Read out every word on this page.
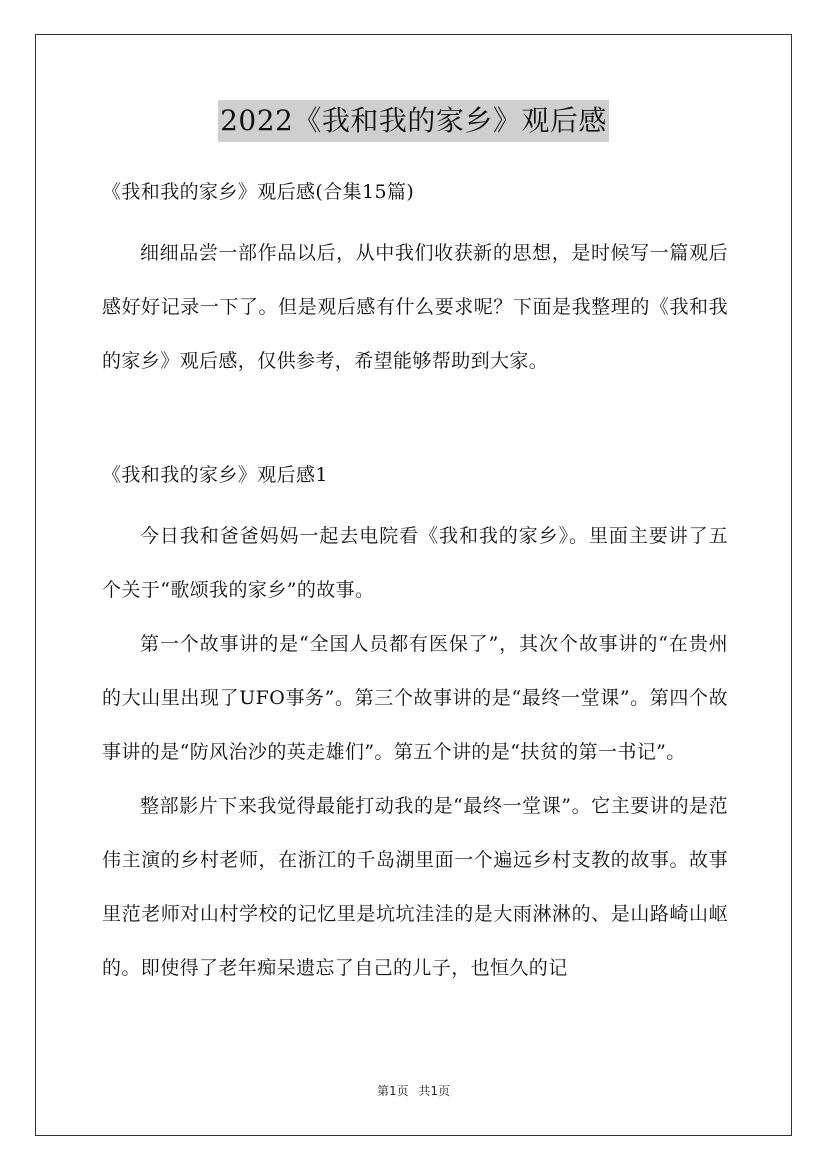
2022《我和我的家乡》观后感

《我和我的家乡》观后感(合集15篇)

细细品尝一部作品以后，从中我们收获新的思想，是时候写一篇观后感好好记录一下了。但是观后感有什么要求呢？下面是我整理的《我和我的家乡》观后感，仅供参考，希望能够帮助到大家。

《我和我的家乡》观后感1

今日我和爸爸妈妈一起去电院看《我和我的家乡》。里面主要讲了五个关于“歌颂我的家乡”的故事。

第一个故事讲的是“全国人员都有医保了”，其次个故事讲的“在贵州的大山里出现了UFO事务”。第三个故事讲的是“最终一堂课”。第四个故事讲的是“防风治沙的英走雄们”。第五个讲的是“扶贫的第一书记”。

整部影片下来我觉得最能打动我的是“最终一堂课”。它主要讲的是范伟主演的乡村老师，在浙江的千岛湖里面一个遍远乡村支教的故事。故事里范老师对山村学校的记忆里是坑坑洼洼的是大雨淋淋的、是山路崎山岖的。即使得了老年痴呆遗忘了自己的儿子，也恒久的记

第1页 共1页
